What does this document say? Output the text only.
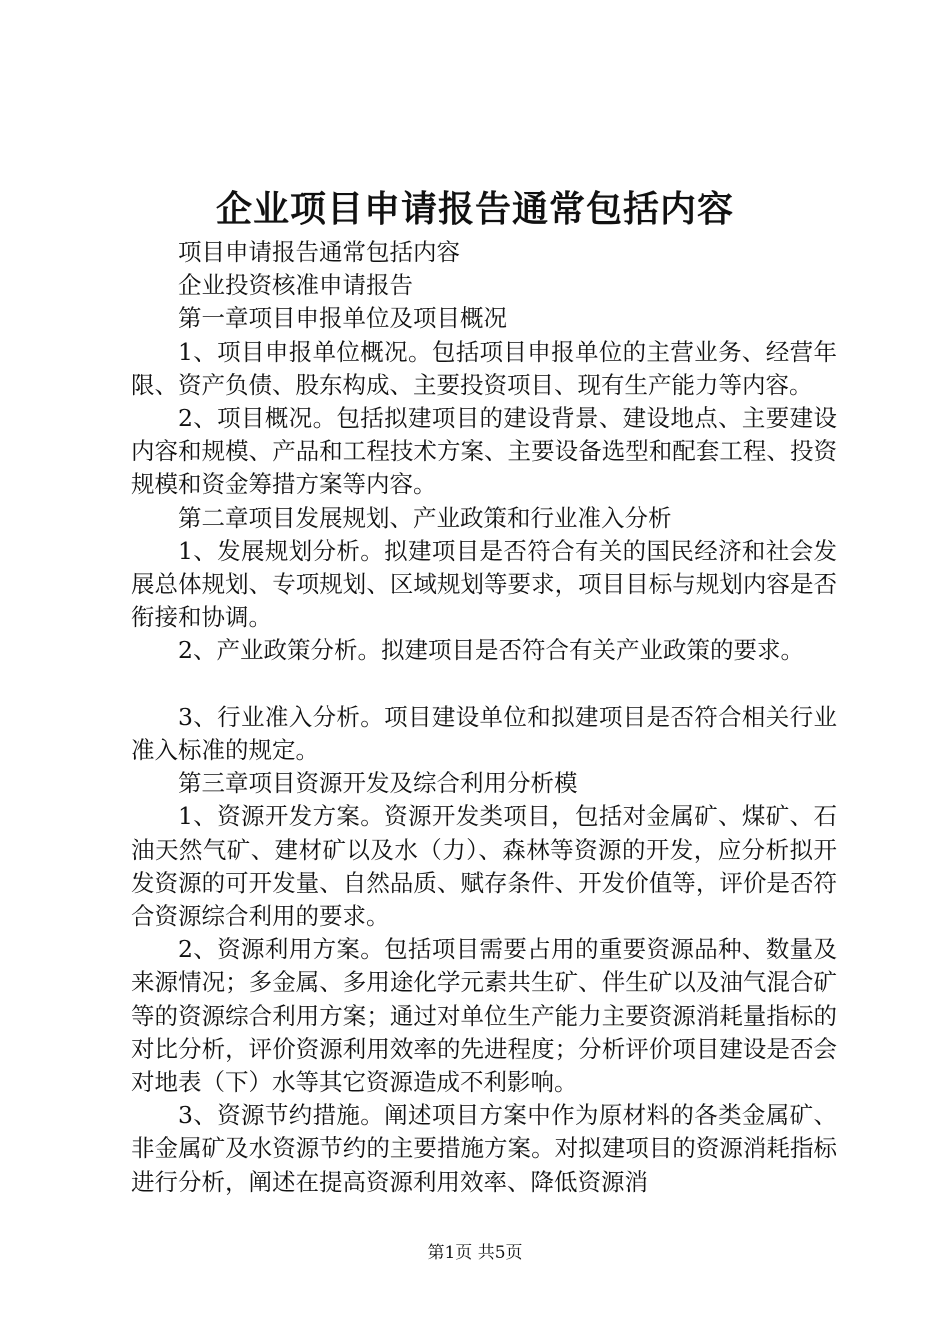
企业项目申请报告通常包括内容

项目申请报告通常包括内容

企业投资核准申请报告

第一章项目申报单位及项目概况

1、项目申报单位概况。包括项目申报单位的主营业务、经营年限、资产负债、股东构成、主要投资项目、现有生产能力等内容。

2、项目概况。包括拟建项目的建设背景、建设地点、主要建设内容和规模、产品和工程技术方案、主要设备选型和配套工程、投资规模和资金筹措方案等内容。

第二章项目发展规划、产业政策和行业准入分析

1、发展规划分析。拟建项目是否符合有关的国民经济和社会发展总体规划、专项规划、区域规划等要求，项目目标与规划内容是否衔接和协调。

2、产业政策分析。拟建项目是否符合有关产业政策的要求。

3、行业准入分析。项目建设单位和拟建项目是否符合相关行业准入标准的规定。

第三章项目资源开发及综合利用分析模

1、资源开发方案。资源开发类项目，包括对金属矿、煤矿、石油天然气矿、建材矿以及水（力）、森林等资源的开发，应分析拟开发资源的可开发量、自然品质、赋存条件、开发价值等，评价是否符合资源综合利用的要求。

2、资源利用方案。包括项目需要占用的重要资源品种、数量及来源情况；多金属、多用途化学元素共生矿、伴生矿以及油气混合矿等的资源综合利用方案；通过对单位生产能力主要资源消耗量指标的对比分析，评价资源利用效率的先进程度；分析评价项目建设是否会对地表（下）水等其它资源造成不利影响。

3、资源节约措施。阐述项目方案中作为原材料的各类金属矿、非金属矿及水资源节约的主要措施方案。对拟建项目的资源消耗指标进行分析，阐述在提高资源利用效率、降低资源消

第1页 共5页
